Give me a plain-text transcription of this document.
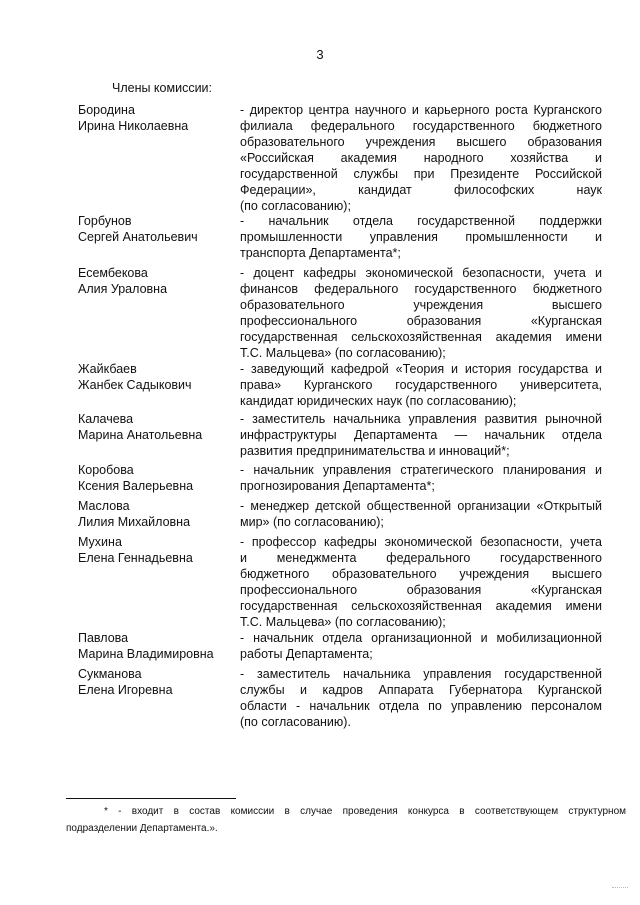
3
Члены комиссии:
Бородина
Ирина Николаевна
- директор центра научного и карьерного роста Курганского
филиала федерального государственного бюджетного
образовательного учреждения высшего образования
«Российская академия народного хозяйства и
государственной службы при Президенте Российской
Федерации», кандидат философских наук
(по согласованию);
Горбунов
Сергей Анатольевич
- начальник отдела государственной поддержки
промышленности управления промышленности и
транспорта Департамента*;
Есембекова
Алия Ураловна
- доцент кафедры экономической безопасности, учета и
финансов федерального государственного бюджетного
образовательного учреждения высшего
профессионального образования «Курганская
государственная сельскохозяйственная академия имени
Т.С. Мальцева» (по согласованию);
Жайкбаев
Жанбек Садыкович
- заведующий кафедрой «Теория и история государства и
права» Курганского государственного университета,
кандидат юридических наук (по согласованию);
Калачева
Марина Анатольевна
- заместитель начальника управления развития рыночной
инфраструктуры Департамента — начальник отдела
развития предпринимательства и инноваций*;
Коробова
Ксения Валерьевна
- начальник управления стратегического планирования и
прогнозирования Департамента*;
Маслова
Лилия Михайловна
- менеджер детской общественной организации «Открытый
мир» (по согласованию);
Мухина
Елена Геннадьевна
- профессор кафедры экономической безопасности, учета
и менеджмента федерального государственного
бюджетного образовательного учреждения высшего
профессионального образования «Курганская
государственная сельскохозяйственная академия имени
Т.С. Мальцева» (по согласованию);
Павлова
Марина Владимировна
- начальник отдела организационной и мобилизационной
работы Департамента;
Сукманова
Елена Игоревна
- заместитель начальника управления государственной
службы и кадров Аппарата Губернатора Курганской
области - начальник отдела по управлению персоналом
(по согласованию).
* - входит в состав комиссии в случае проведения конкурса в соответствующем структурном
подразделении Департамента.».
